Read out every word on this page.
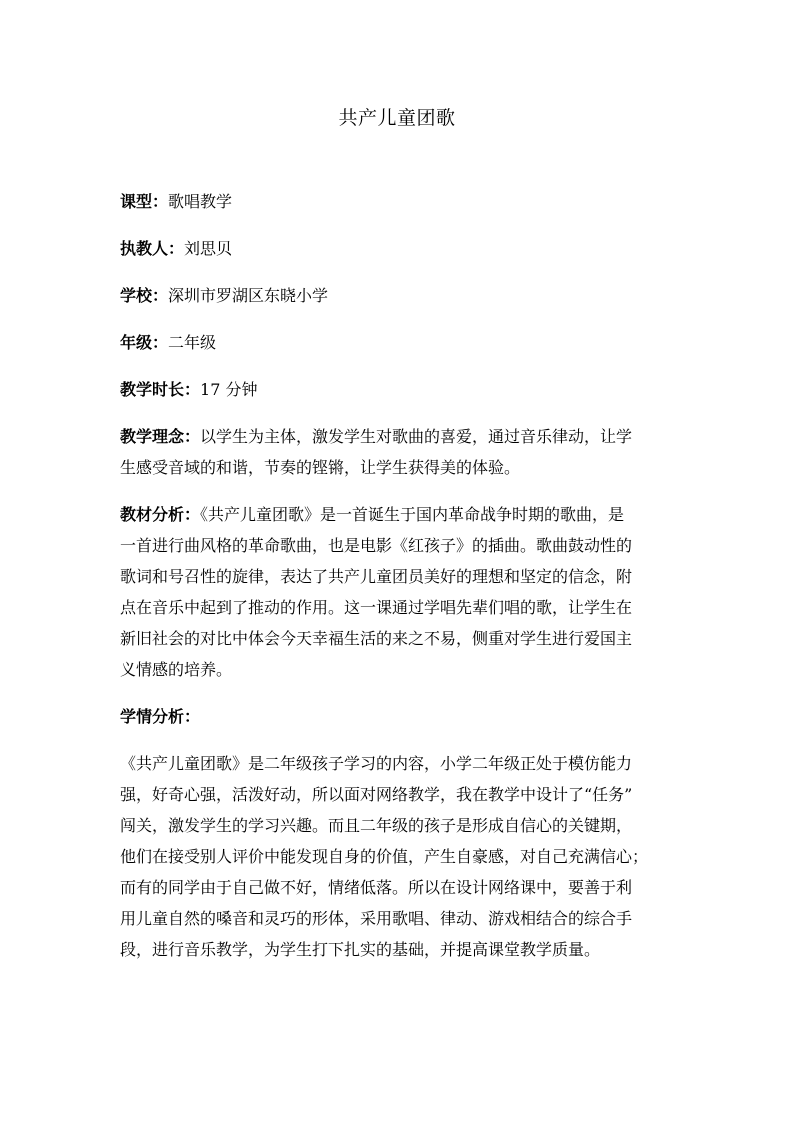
共产儿童团歌

课型：歌唱教学

执教人：刘思贝

学校：深圳市罗湖区东晓小学

年级：二年级

教学时长：17 分钟

教学理念：以学生为主体，激发学生对歌曲的喜爱，通过音乐律动，让学
生感受音域的和谐，节奏的铿锵，让学生获得美的体验。

教材分析：《共产儿童团歌》是一首诞生于国内革命战争时期的歌曲，是
一首进行曲风格的革命歌曲，也是电影《红孩子》的插曲。歌曲鼓动性的
歌词和号召性的旋律，表达了共产儿童团员美好的理想和坚定的信念，附
点在音乐中起到了推动的作用。这一课通过学唱先辈们唱的歌，让学生在
新旧社会的对比中体会今天幸福生活的来之不易，侧重对学生进行爱国主
义情感的培养。

学情分析：

《共产儿童团歌》是二年级孩子学习的内容，小学二年级正处于模仿能力
强，好奇心强，活泼好动，所以面对网络教学，我在教学中设计了“任务”
闯关，激发学生的学习兴趣。而且二年级的孩子是形成自信心的关键期，
他们在接受别人评价中能发现自身的价值，产生自豪感，对自己充满信心；
而有的同学由于自己做不好，情绪低落。所以在设计网络课中，要善于利
用儿童自然的嗓音和灵巧的形体，采用歌唱、律动、游戏相结合的综合手
段，进行音乐教学，为学生打下扎实的基础，并提高课堂教学质量。
